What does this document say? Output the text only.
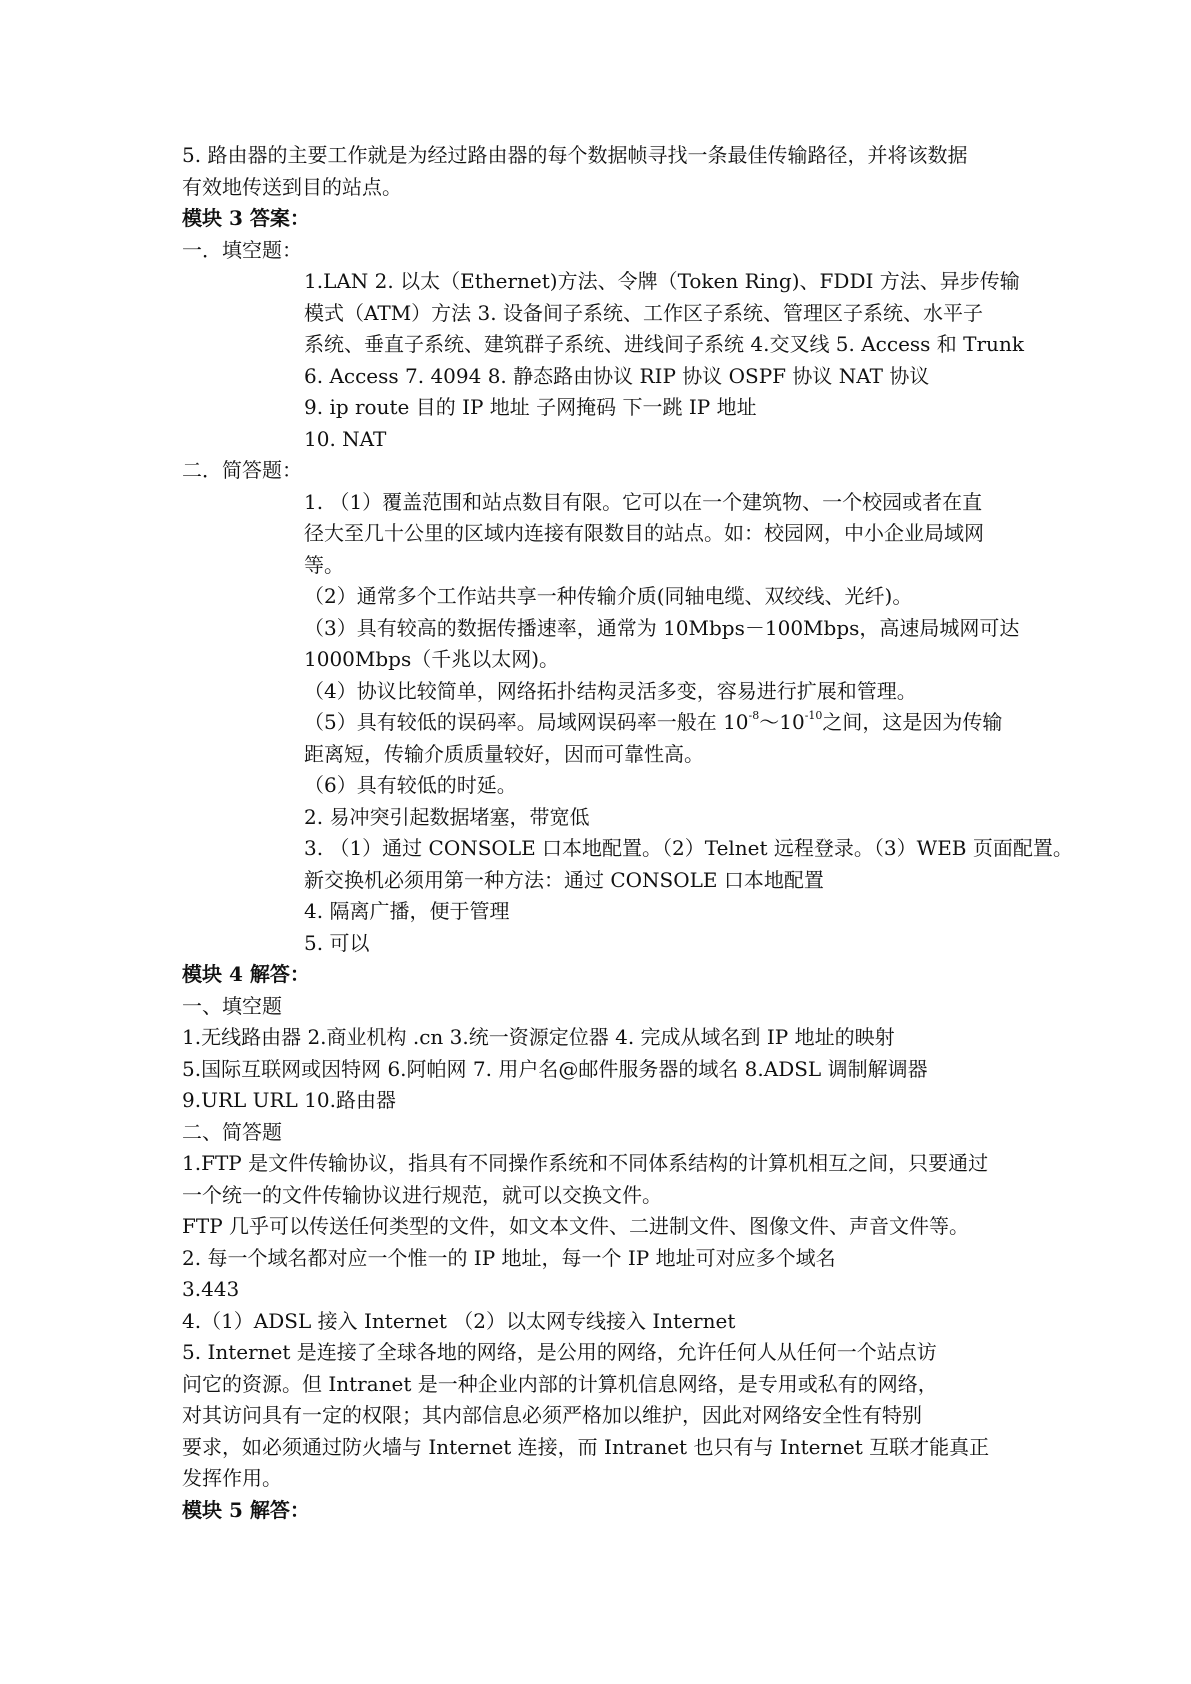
5. 路由器的主要工作就是为经过路由器的每个数据帧寻找一条最佳传输路径，并将该数据
有效地传送到目的站点。
模块 3 答案：
一．填空题：
1.LAN 2. 以太（Ethernet)方法、令牌（Token Ring)、FDDI 方法、异步传输
模式（ATM）方法 3. 设备间子系统、工作区子系统、管理区子系统、水平子
系统、垂直子系统、建筑群子系统、进线间子系统 4.交叉线 5. Access 和 Trunk
6. Access 7. 4094 8. 静态路由协议 RIP 协议 OSPF 协议 NAT 协议
9. ip route 目的 IP 地址 子网掩码 下一跳 IP 地址
10. NAT
二．简答题：
1. （1）覆盖范围和站点数目有限。它可以在一个建筑物、一个校园或者在直
径大至几十公里的区域内连接有限数目的站点。如：校园网，中小企业局域网
等。
（2）通常多个工作站共享一种传输介质(同轴电缆、双绞线、光纤)。
（3）具有较高的数据传播速率，通常为 10Mbps－100Mbps，高速局城网可达
1000Mbps（千兆以太网)。
（4）协议比较简单，网络拓扑结构灵活多变，容易进行扩展和管理。
（5）具有较低的误码率。局域网误码率一般在 $10^{-8}\sim 10^{-10}$之间，这是因为传输
距离短，传输介质质量较好，因而可靠性高。
（6）具有较低的时延。
2. 易冲突引起数据堵塞，带宽低
3. （1）通过 CONSOLE 口本地配置。（2）Telnet 远程登录。（3）WEB 页面配置。
新交换机必须用第一种方法：通过 CONSOLE 口本地配置
4. 隔离广播，便于管理
5. 可以
模块 4 解答：
一、填空题
1.无线路由器 2.商业机构 .cn 3.统一资源定位器 4. 完成从域名到 IP 地址的映射
5.国际互联网或因特网 6.阿帕网 7. 用户名@邮件服务器的域名 8.ADSL 调制解调器
9.URL URL 10.路由器
二、简答题
1.FTP 是文件传输协议，指具有不同操作系统和不同体系结构的计算机相互之间，只要通过
一个统一的文件传输协议进行规范，就可以交换文件。
FTP 几乎可以传送任何类型的文件，如文本文件、二进制文件、图像文件、声音文件等。
2. 每一个域名都对应一个惟一的 IP 地址，每一个 IP 地址可对应多个域名
3.443
4.（1）ADSL 接入 Internet （2）以太网专线接入 Internet
5. Internet 是连接了全球各地的网络，是公用的网络，允许任何人从任何一个站点访
问它的资源。但 Intranet 是一种企业内部的计算机信息网络，是专用或私有的网络，
对其访问具有一定的权限；其内部信息必须严格加以维护，因此对网络安全性有特别
要求，如必须通过防火墙与 Internet 连接，而 Intranet 也只有与 Internet 互联才能真正
发挥作用。
模块 5 解答：
